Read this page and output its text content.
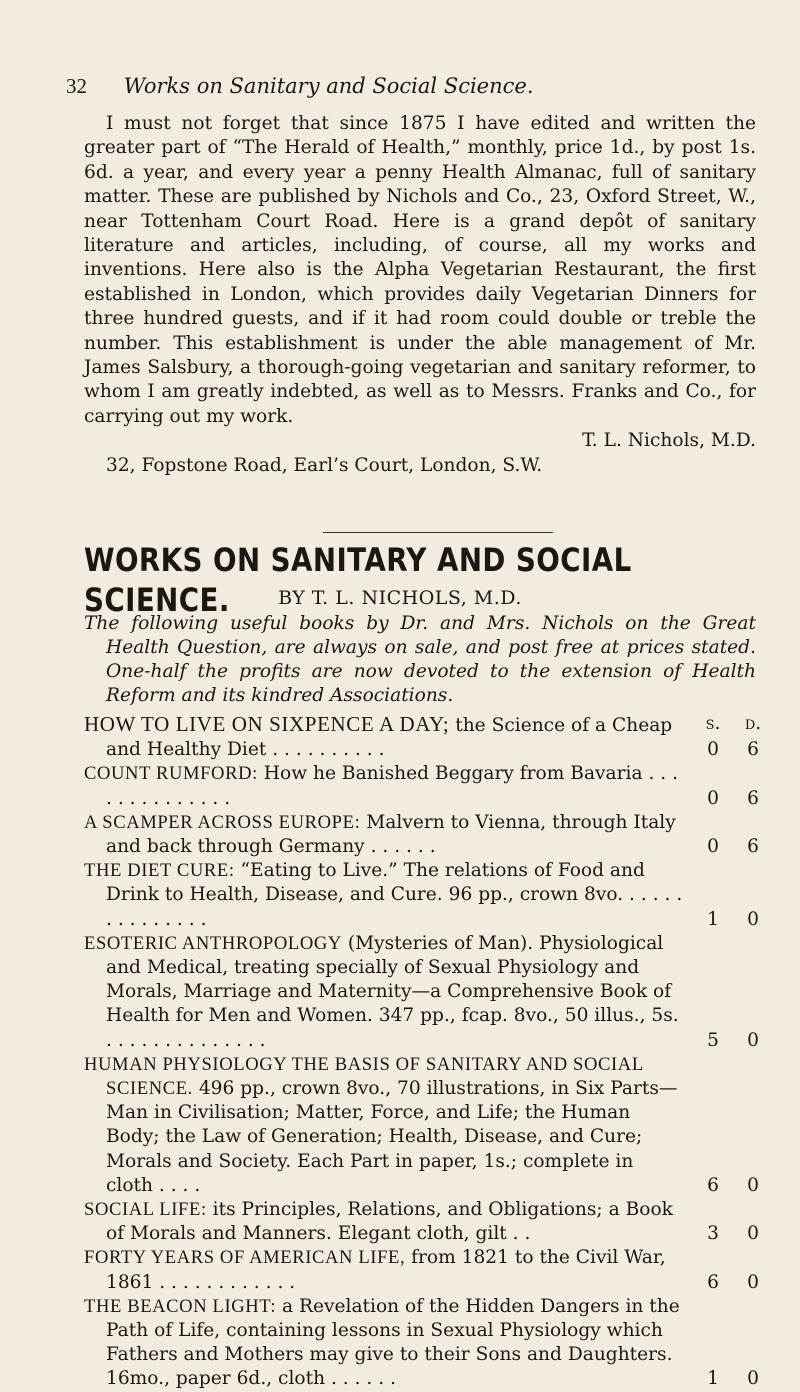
32 Works on Sanitary and Social Science.

I must not forget that since 1875 I have edited and written the greater part of “The Herald of Health,” monthly, price 1d., by post 1s. 6d. a year, and every year a penny Health Almanac, full of sanitary matter. These are published by Nichols and Co., 23, Oxford Street, W., near Tottenham Court Road. Here is a grand depôt of sanitary literature and articles, including, of course, all my works and inventions. Here also is the Alpha Vegetarian Restaurant, the first established in London, which provides daily Vegetarian Dinners for three hundred guests, and if it had room could double or treble the number. This establishment is under the able management of Mr. James Salsbury, a thorough-going vegetarian and sanitary reformer, to whom I am greatly indebted, as well as to Messrs. Franks and Co., for carrying out my work.

T. L. Nichols, M.D.

32, Fopstone Road, Earl’s Court, London, S.W.

WORKS ON SANITARY AND SOCIAL SCIENCE.	BY T. L. NICHOLS, M.D.

The following useful books by Dr. and Mrs. Nichols on the Great Health Question, are always on sale, and post free at prices stated. One-half the profits are now devoted to the extension of Health Reform and its kindred Associations.

s.	d.
HOW TO LIVE ON SIXPENCE A DAY; the Science of a Cheap and Healthy Diet . . . . . . . . . .	0	6
COUNT RUMFORD: How he Banished Beggary from Bavaria . . . . . . . . . . . . . .	0	6
A SCAMPER ACROSS EUROPE: Malvern to Vienna, through Italy and back through Germany . . . . . .	0	6
THE DIET CURE: “Eating to Live.” The relations of Food and Drink to Health, Disease, and Cure. 96 pp., crown 8vo. . . . . . . . . . . . . . .	1	0
ESOTERIC ANTHROPOLOGY (Mysteries of Man). Physiological and Medical, treating specially of Sexual Physiology and Morals, Marriage and Maternity—a Comprehensive Book of Health for Men and Women. 347 pp., fcap. 8vo., 50 illus., 5s. . . . . . . . . . . . . . .	5	0
HUMAN PHYSIOLOGY THE BASIS OF SANITARY AND SOCIAL SCIENCE. 496 pp., crown 8vo., 70 illustrations, in Six Parts—Man in Civilisation; Matter, Force, and Life; the Human Body; the Law of Generation; Health, Disease, and Cure; Morals and Society. Each Part in paper, 1s.; complete in cloth . . . .	6	0
SOCIAL LIFE: its Principles, Relations, and Obligations; a Book of Morals and Manners. Elegant cloth, gilt . .	3	0
FORTY YEARS OF AMERICAN LIFE, from 1821 to the Civil War, 1861 . . . . . . . . . . . .	6	0
THE BEACON LIGHT: a Revelation of the Hidden Dangers in the Path of Life, containing lessons in Sexual Physiology which Fathers and Mothers may give to their Sons and Daughters. 16mo., paper 6d., cloth . . . . . .	1	0
